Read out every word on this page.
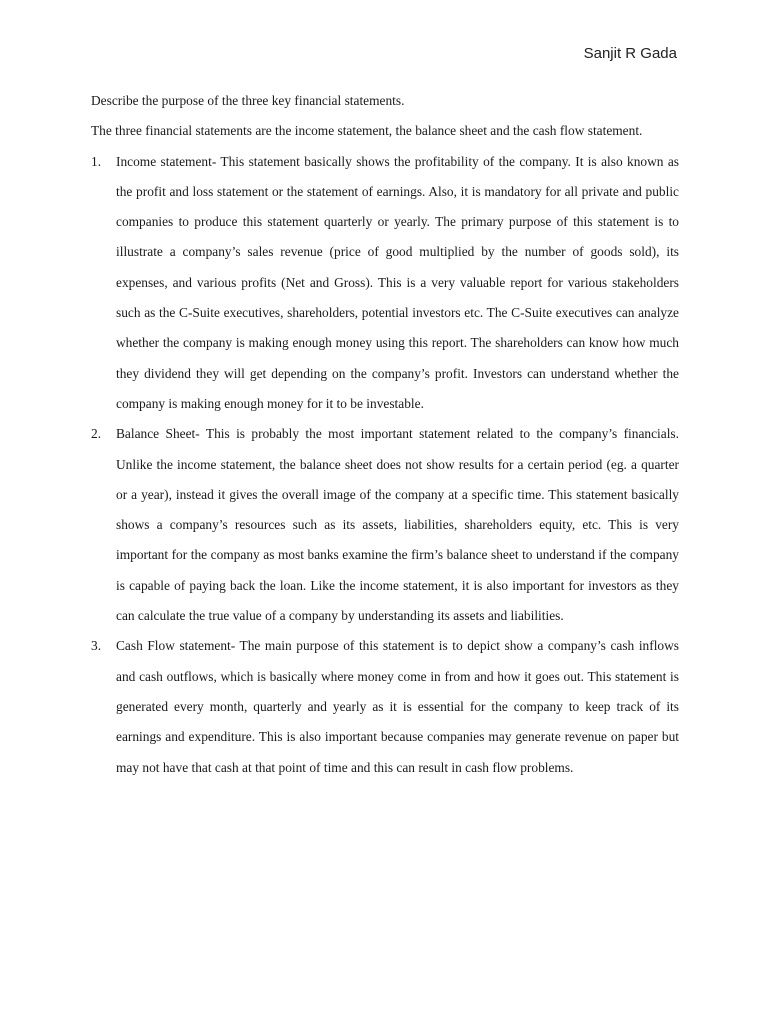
Sanjit R Gada

Describe the purpose of the three key financial statements.

The three financial statements are the income statement, the balance sheet and the cash flow statement.

1. Income statement- This statement basically shows the profitability of the company. It is also known as the profit and loss statement or the statement of earnings. Also, it is mandatory for all private and public companies to produce this statement quarterly or yearly. The primary purpose of this statement is to illustrate a company’s sales revenue (price of good multiplied by the number of goods sold), its expenses, and various profits (Net and Gross). This is a very valuable report for various stakeholders such as the C-Suite executives, shareholders, potential investors etc. The C-Suite executives can analyze whether the company is making enough money using this report. The shareholders can know how much they dividend they will get depending on the company’s profit. Investors can understand whether the company is making enough money for it to be investable.
2. Balance Sheet- This is probably the most important statement related to the company’s financials. Unlike the income statement, the balance sheet does not show results for a certain period (eg. a quarter or a year), instead it gives the overall image of the company at a specific time. This statement basically shows a company’s resources such as its assets, liabilities, shareholders equity, etc. This is very important for the company as most banks examine the firm’s balance sheet to understand if the company is capable of paying back the loan. Like the income statement, it is also important for investors as they can calculate the true value of a company by understanding its assets and liabilities.
3. Cash Flow statement- The main purpose of this statement is to depict show a company’s cash inflows and cash outflows, which is basically where money come in from and how it goes out. This statement is generated every month, quarterly and yearly as it is essential for the company to keep track of its earnings and expenditure. This is also important because companies may generate revenue on paper but may not have that cash at that point of time and this can result in cash flow problems.
